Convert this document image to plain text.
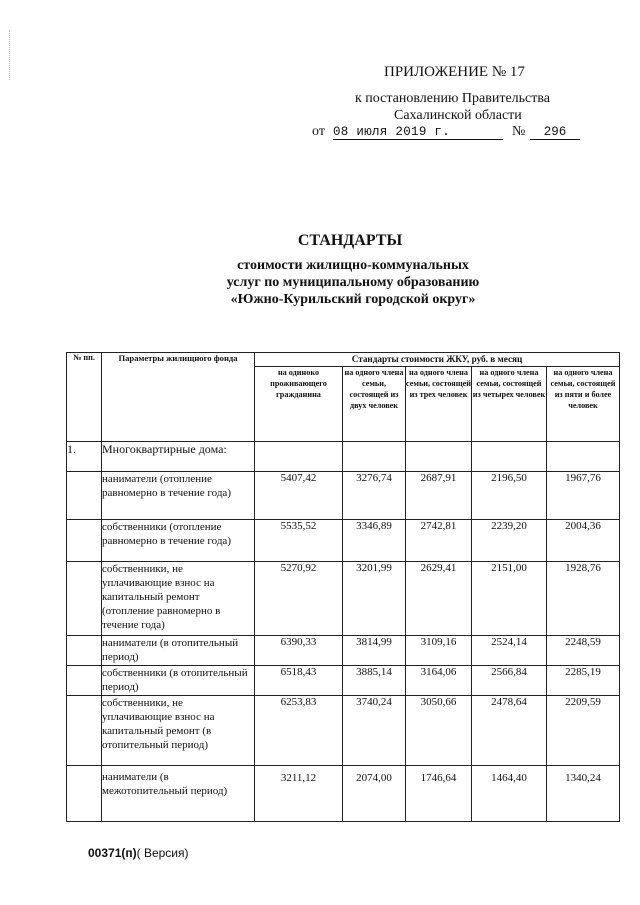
ПРИЛОЖЕНИЕ № 17
к постановлению Правительства
Сахалинской области
от 08 июля 2019 г.	№	296
СТАНДАРТЫ
стоимости жилищно-коммунальных
услуг по муниципальному образованию
«Южно-Курильский городской округ»
№ пп.	Параметры жилищного фонда	Стандарты стоимости ЖКУ, руб. в месяц				
		на одиноко проживающего гражданина	на одного члена семьи, состоящей из двух человек	на одного члена семьи, состоящей из трех человек	на одного члена семьи, состоящей из четырех человек	на одного члена семьи, состоящей из пяти и более человек
1.	Многоквартирные дома:					
	наниматели (отопление равномерно в течение года)	5407,42	3276,74	2687,91	2196,50	1967,76
	собственники (отопление равномерно в течение года)	5535,52	3346,89	2742,81	2239,20	2004,36
	собственники, не уплачивающие взнос на капитальный ремонт (отопление равномерно в течение года)	5270,92	3201,99	2629,41	2151,00	1928,76
	наниматели (в отопительный период)	6390,33	3814,99	3109,16	2524,14	2248,59
	собственники (в отопительный период)	6518,43	3885,14	3164,06	2566,84	2285,19
	собственники, не уплачивающие взнос на капитальный ремонт (в отопительный период)	6253,83	3740,24	3050,66	2478,64	2209,59
	наниматели (в межотопительный период)	3211,12	2074,00	1746,64	1464,40	1340,24
00371(п)( Версия)
